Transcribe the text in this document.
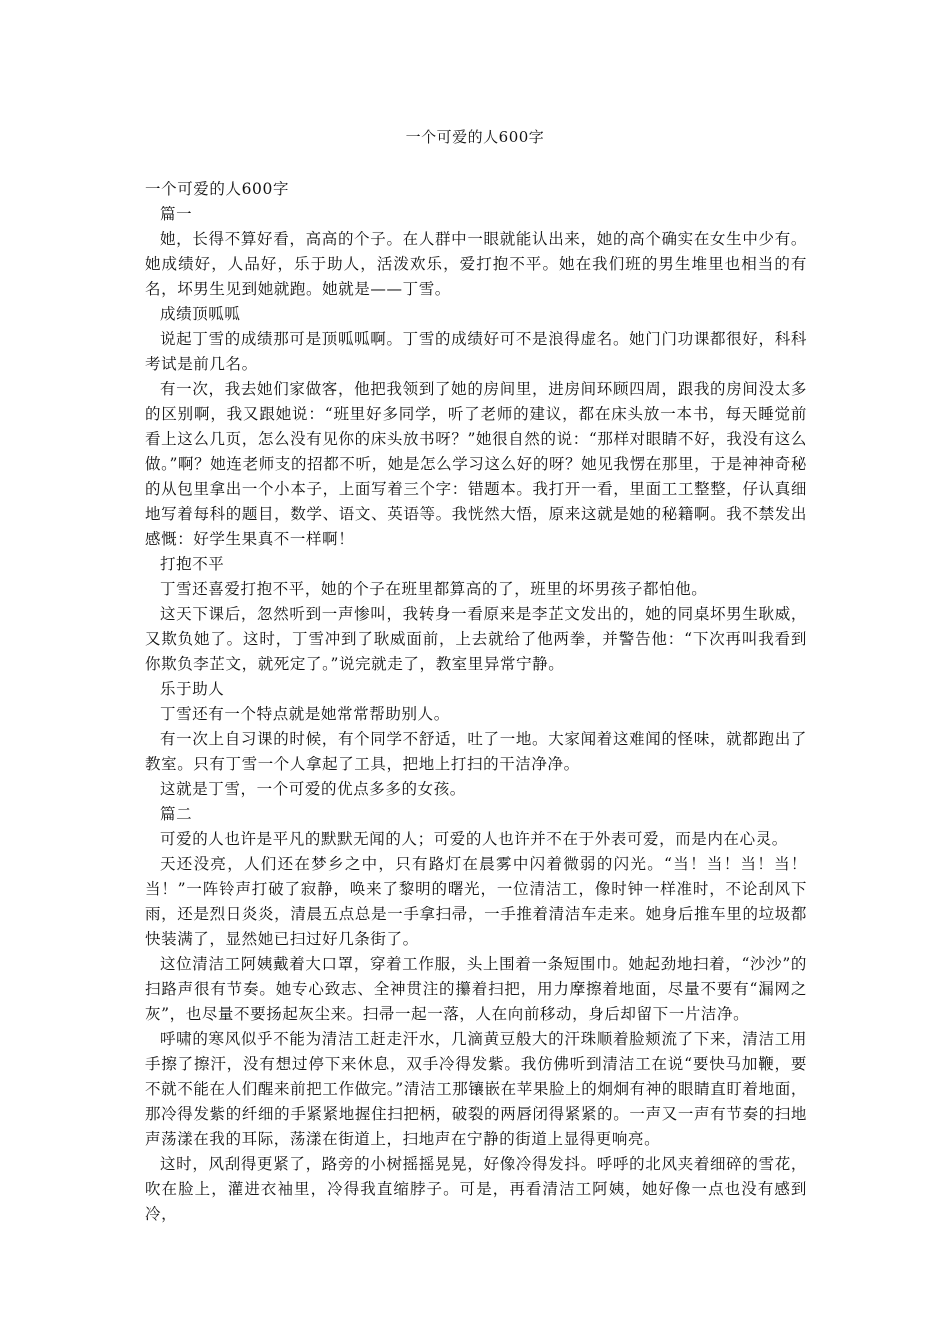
一个可爱的人600字

一个可爱的人600字

篇一

她，长得不算好看，高高的个子。在人群中一眼就能认出来，她的高个确实在女生中少有。她成绩好，人品好，乐于助人，活泼欢乐，爱打抱不平。她在我们班的男生堆里也相当的有名，坏男生见到她就跑。她就是——丁雪。

成绩顶呱呱

说起丁雪的成绩那可是顶呱呱啊。丁雪的成绩好可不是浪得虚名。她门门功课都很好，科科考试是前几名。

有一次，我去她们家做客，他把我领到了她的房间里，进房间环顾四周，跟我的房间没太多的区别啊，我又跟她说：“班里好多同学，听了老师的建议，都在床头放一本书，每天睡觉前看上这么几页，怎么没有见你的床头放书呀？”她很自然的说：“那样对眼睛不好，我没有这么做。”啊？她连老师支的招都不听，她是怎么学习这么好的呀？她见我愣在那里，于是神神奇秘的从包里拿出一个小本子，上面写着三个字：错题本。我打开一看，里面工工整整，仔认真细地写着每科的题目，数学、语文、英语等。我恍然大悟，原来这就是她的秘籍啊。我不禁发出感慨：好学生果真不一样啊！

打抱不平

丁雪还喜爱打抱不平，她的个子在班里都算高的了，班里的坏男孩子都怕他。

这天下课后，忽然听到一声惨叫，我转身一看原来是李芷文发出的，她的同桌坏男生耿威，又欺负她了。这时，丁雪冲到了耿威面前，上去就给了他两拳，并警告他：“下次再叫我看到你欺负李芷文，就死定了。”说完就走了，教室里异常宁静。

乐于助人

丁雪还有一个特点就是她常常帮助别人。

有一次上自习课的时候，有个同学不舒适，吐了一地。大家闻着这难闻的怪味，就都跑出了教室。只有丁雪一个人拿起了工具，把地上打扫的干洁净净。

这就是丁雪，一个可爱的优点多多的女孩。

篇二

可爱的人也许是平凡的默默无闻的人；可爱的人也许并不在于外表可爱，而是内在心灵。

天还没亮，人们还在梦乡之中，只有路灯在晨雾中闪着微弱的闪光。“当！当！当！当！当！”一阵铃声打破了寂静，唤来了黎明的曙光，一位清洁工，像时钟一样准时，不论刮风下雨，还是烈日炎炎，清晨五点总是一手拿扫帚，一手推着清洁车走来。她身后推车里的垃圾都快装满了，显然她已扫过好几条街了。

这位清洁工阿姨戴着大口罩，穿着工作服，头上围着一条短围巾。她起劲地扫着，“沙沙”的扫路声很有节奏。她专心致志、全神贯注的攥着扫把，用力摩擦着地面，尽量不要有“漏网之灰”，也尽量不要扬起灰尘来。扫帚一起一落，人在向前移动，身后却留下一片洁净。

呼啸的寒风似乎不能为清洁工赶走汗水，几滴黄豆般大的汗珠顺着脸颊流了下来，清洁工用手擦了擦汗，没有想过停下来休息，双手冷得发紫。我仿佛听到清洁工在说“要快马加鞭，要不就不能在人们醒来前把工作做完。”清洁工那镶嵌在苹果脸上的炯炯有神的眼睛直盯着地面，那冷得发紫的纤细的手紧紧地握住扫把柄，破裂的两唇闭得紧紧的。一声又一声有节奏的扫地声荡漾在我的耳际，荡漾在街道上，扫地声在宁静的街道上显得更响亮。

这时，风刮得更紧了，路旁的小树摇摇晃晃，好像冷得发抖。呼呼的北风夹着细碎的雪花，吹在脸上，灌进衣袖里，冷得我直缩脖子。可是，再看清洁工阿姨，她好像一点也没有感到冷，
